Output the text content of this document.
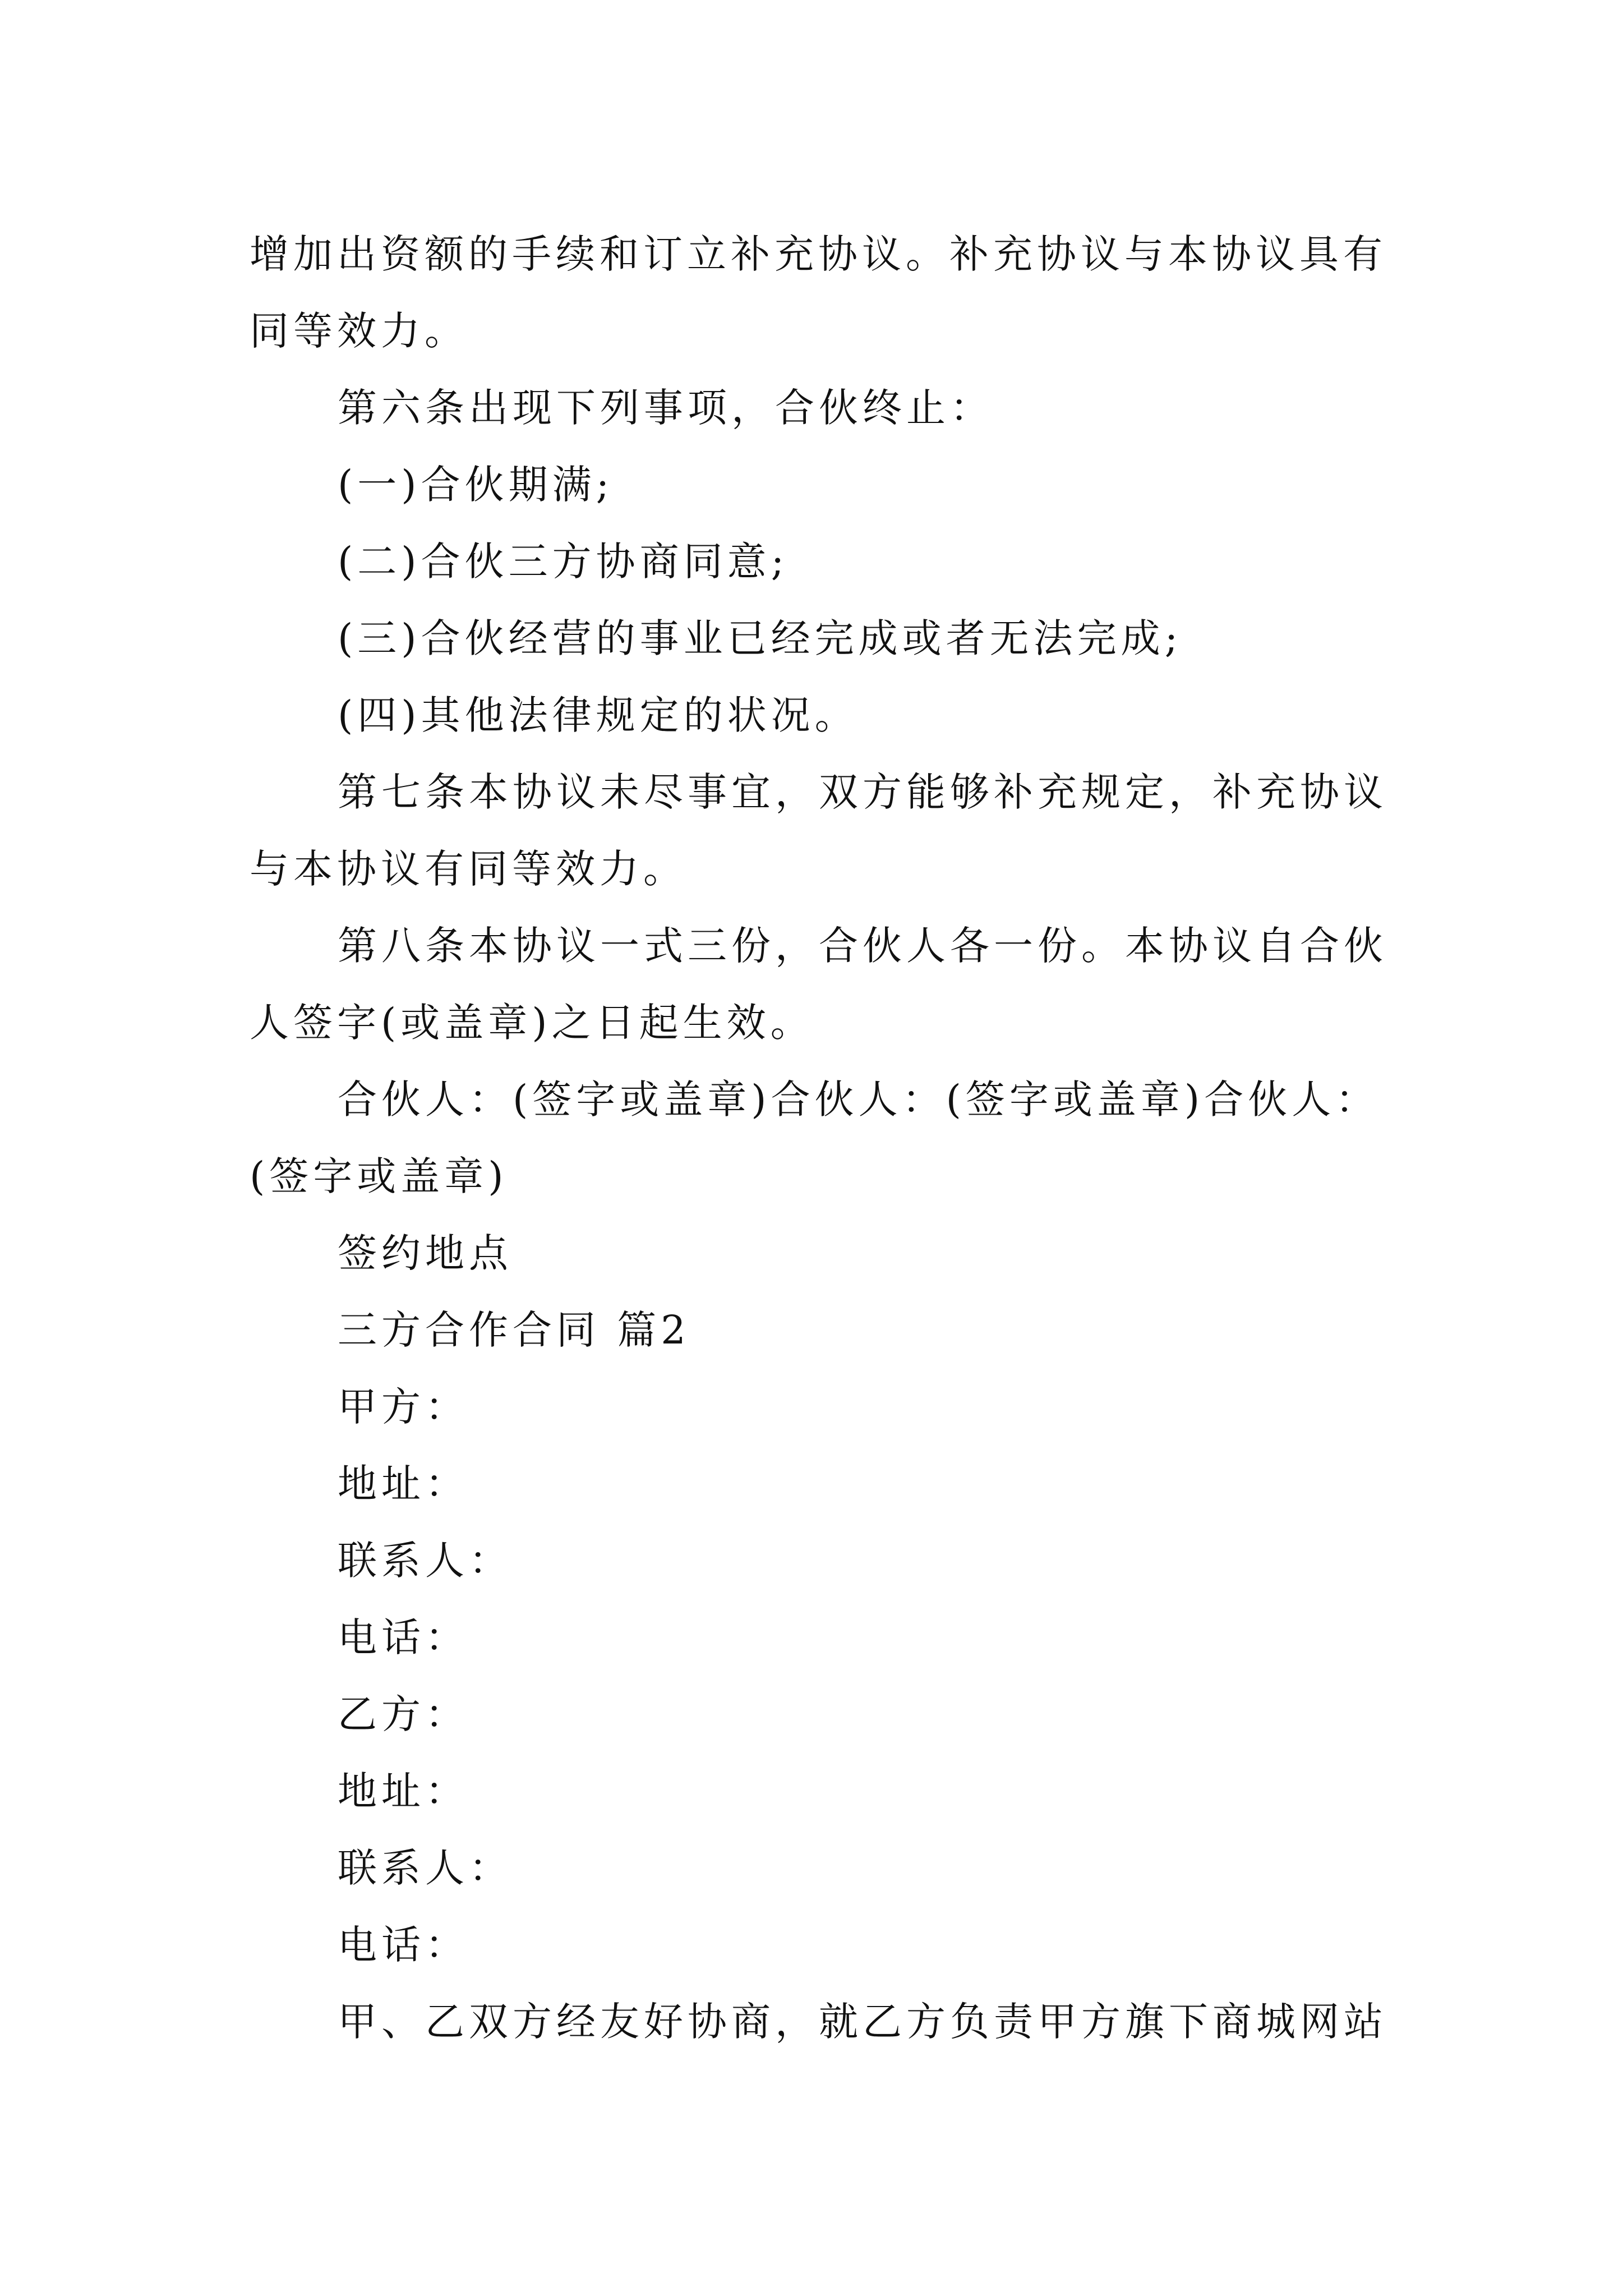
增加出资额的手续和订立补充协议。补充协议与本协议具有同等效力。

第六条出现下列事项，合伙终止：

(一)合伙期满;

(二)合伙三方协商同意;

(三)合伙经营的事业已经完成或者无法完成;

(四)其他法律规定的状况。

第七条本协议未尽事宜，双方能够补充规定，补充协议与本协议有同等效力。

第八条本协议一式三份，合伙人各一份。本协议自合伙人签字(或盖章)之日起生效。

合伙人：(签字或盖章)合伙人：(签字或盖章)合伙人：(签字或盖章)

签约地点

三方合作合同 篇2

甲方：

地址：

联系人：

电话：

乙方：

地址：

联系人：

电话：

甲、乙双方经友好协商，就乙方负责甲方旗下商城网站
